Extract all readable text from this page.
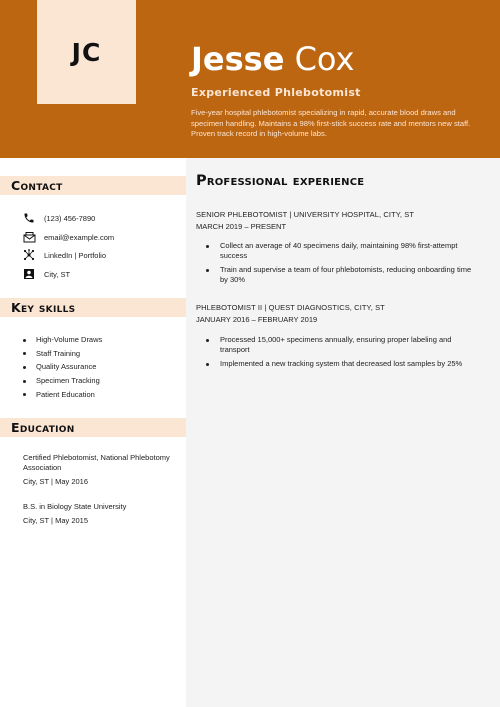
JC	Jesse Cox
Experienced Phlebotomist
Five-year hospital phlebotomist specializing in rapid, accurate blood draws and specimen handling. Maintains a 98% first-stick success rate and mentors new staff. Proven track record in high-volume labs.
Contact
(123) 456-7890
email@example.com
LinkedIn | Portfolio
City, ST
Key skills
High-Volume Draws
Staff Training
Quality Assurance
Specimen Tracking
Patient Education
Education
Certified Phlebotomist, National Phlebotomy Association
City, ST | May 2016
B.S. in Biology State University
City, ST | May 2015
Professional experience
SENIOR PHLEBOTOMIST | UNIVERSITY HOSPITAL, CITY, ST
MARCH 2019 – PRESENT
Collect an average of 40 specimens daily, maintaining 98% first-attempt success
Train and supervise a team of four phlebotomists, reducing onboarding time by 30%
PHLEBOTOMIST II | QUEST DIAGNOSTICS, CITY, ST
JANUARY 2016 – FEBRUARY 2019
Processed 15,000+ specimens annually, ensuring proper labeling and transport
Implemented a new tracking system that decreased lost samples by 25%
